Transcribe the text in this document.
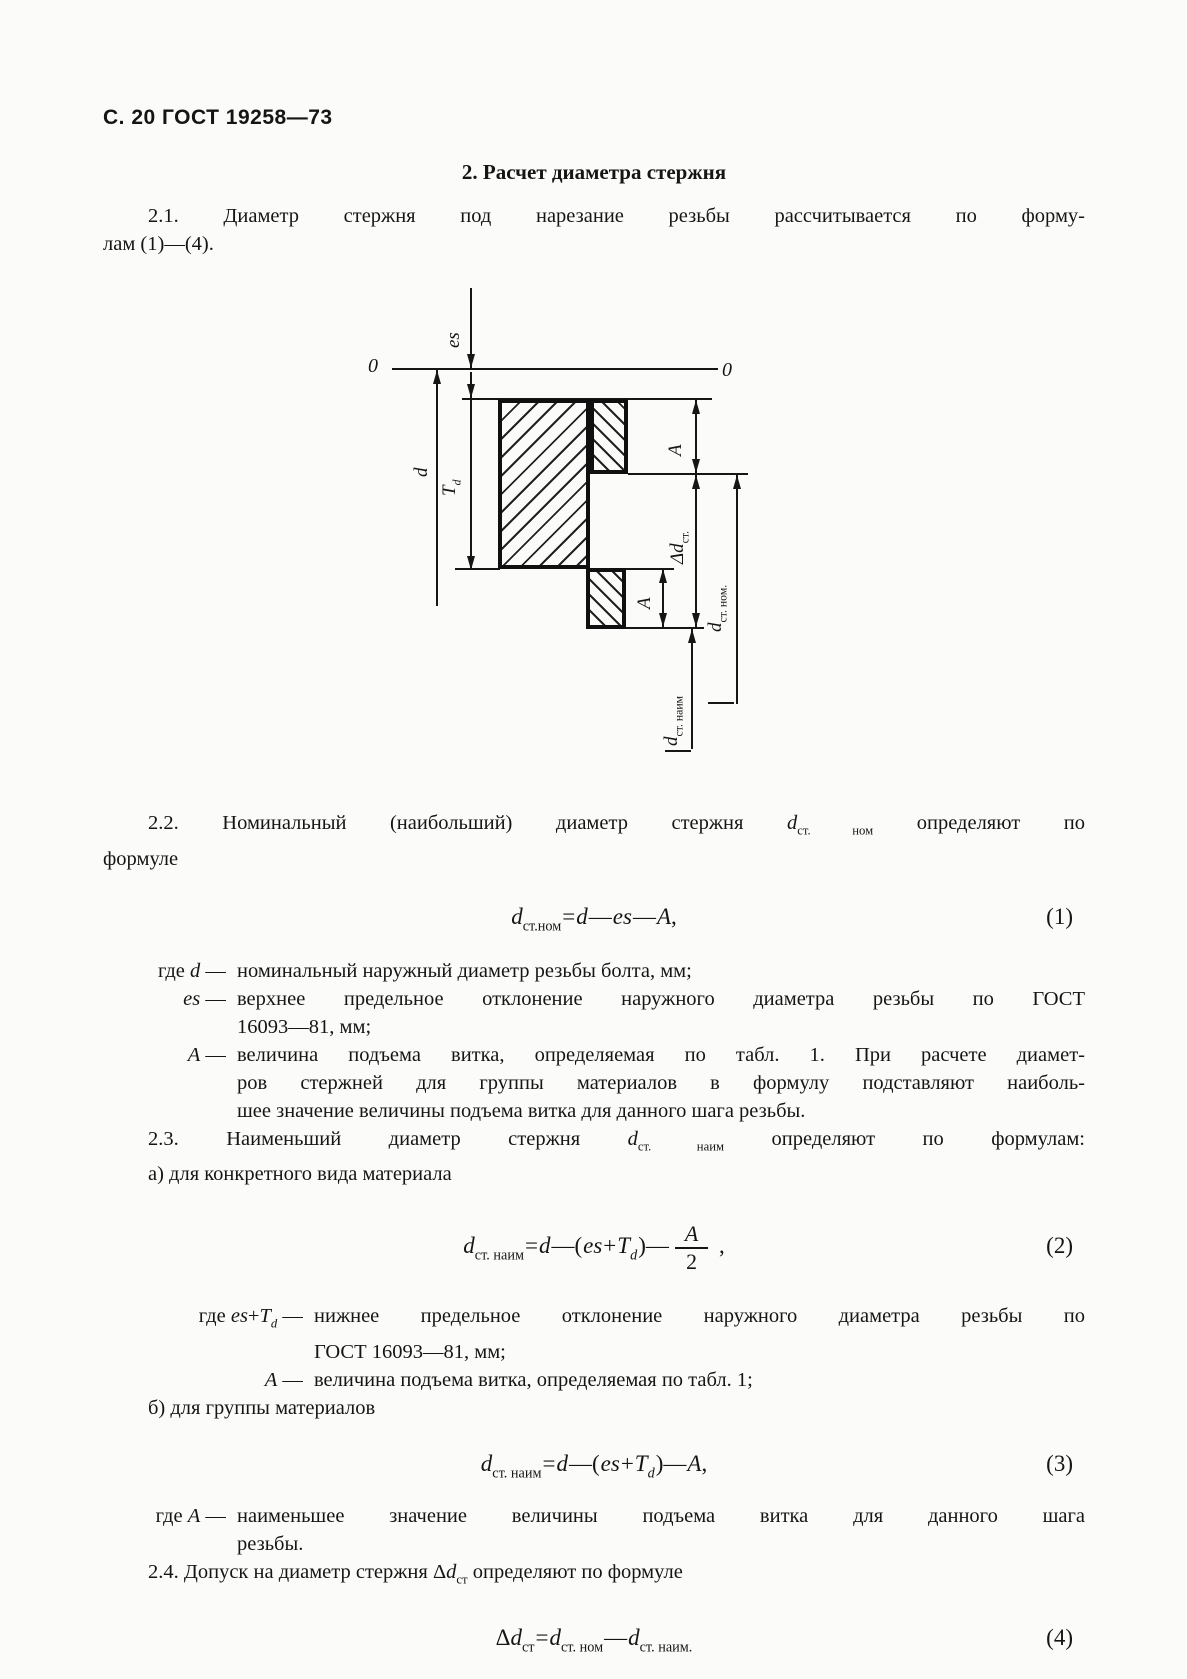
С. 20 ГОСТ 19258—73
2. Расчет диаметра стержня
2.1. Диаметр стержня под нарезание резьбы рассчитывается по форму-
лам (1)—(4).
0	0
es
d
$T_d$
A
$\Delta d_{ст.}$
A
$d_{ст. ном.}$
$d_{ст. наим}$
2.2. Номинальный (наибольший) диаметр стержня $d_{ст. ном}$ определяют по
формуле
$d_{ст.ном}=d—es—A$,	(1)
где d — номинальный наружный диаметр резьбы болта, мм;
es — верхнее предельное отклонение наружного диаметра резьбы по ГОСТ
16093—81, мм;
А — величина подъема витка, определяемая по табл. 1. При расчете диамет-
ров стержней для группы материалов в формулу подставляют наиболь-
шее значение величины подъема витка для данного шага резьбы.
2.3. Наименьший диаметр стержня $d_{ст. наим}$ определяют по формулам:
а) для конкретного вида материала
$d_{ст. наим}=d—(es+T_d)— \frac{A}{2}$ ,	(2)
где $es+T_d$ — нижнее предельное отклонение наружного диаметра резьбы по
ГОСТ 16093—81, мм;
А — величина подъема витка, определяемая по табл. 1;
б) для группы материалов
$d_{ст. наим}=d—(es+T_d)—A$,	(3)
где А — наименьшее значение величины подъема витка для данного шага
резьбы.
2.4. Допуск на диаметр стержня $\Delta d_{ст}$ определяют по формуле
$\Delta d_{ст}=d_{ст. ном}—d_{ст. наим.}$	(4)
